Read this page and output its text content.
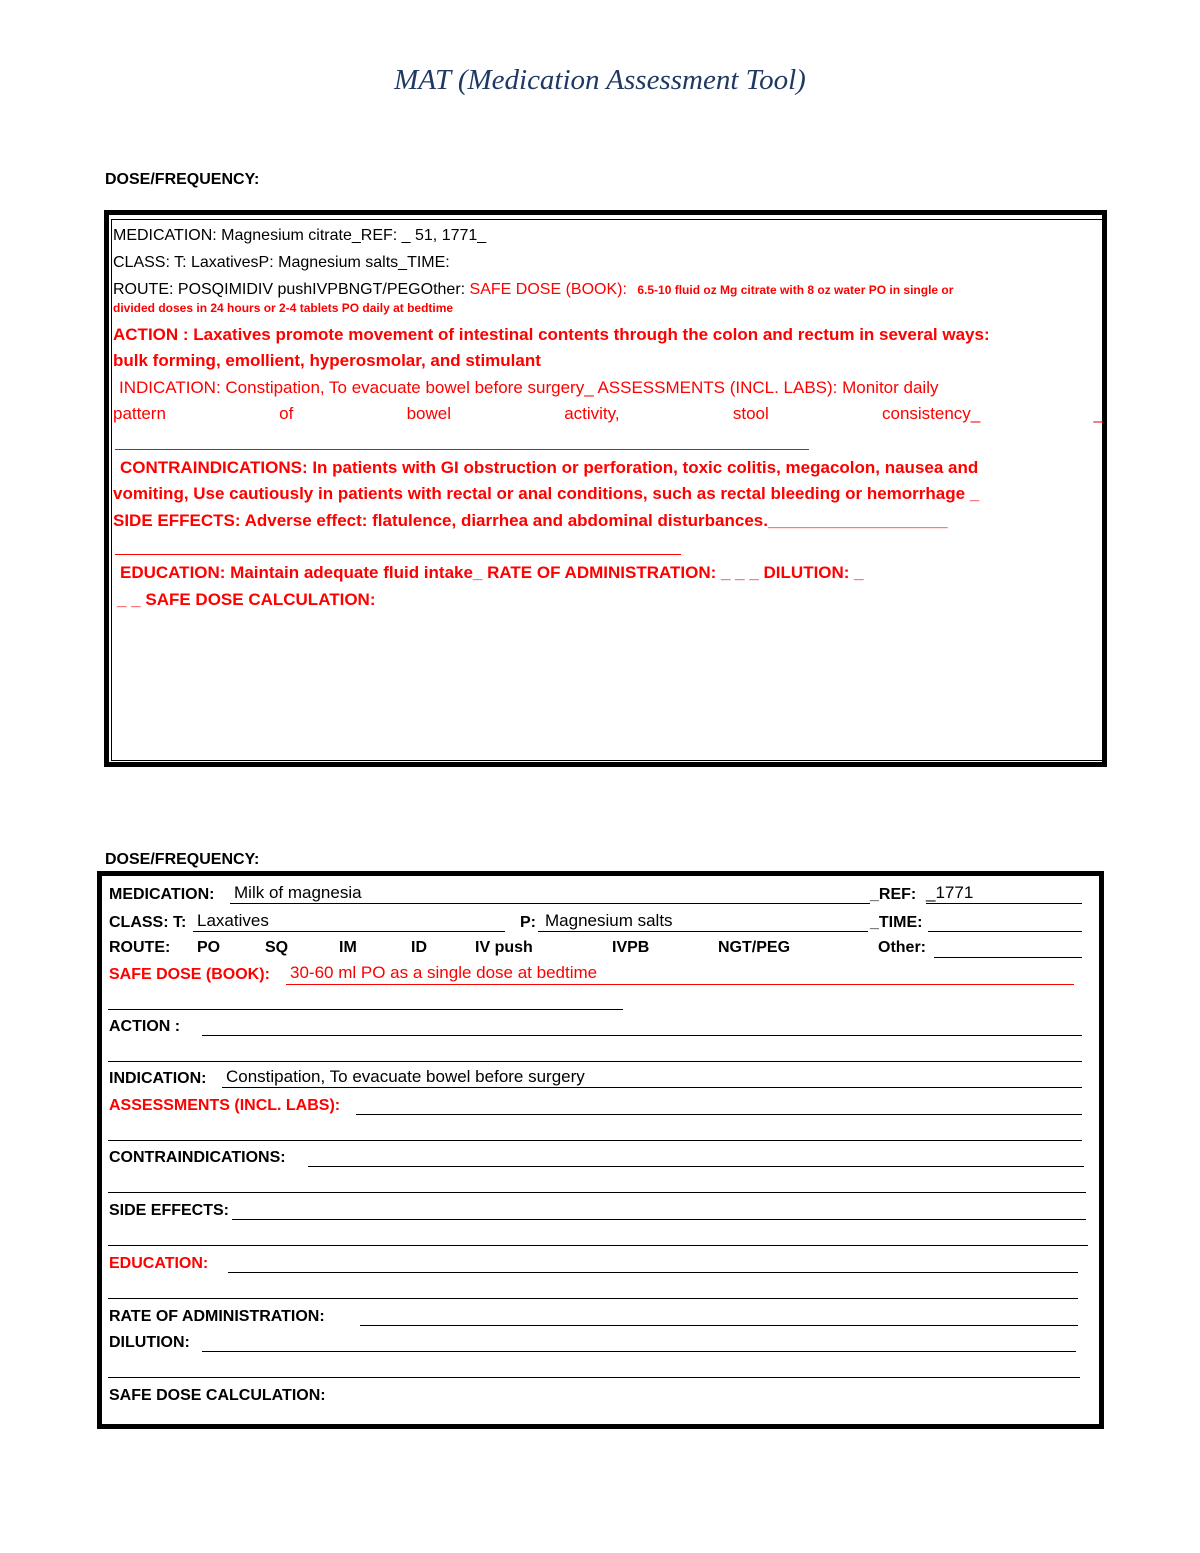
MAT (Medication Assessment Tool)
DOSE/FREQUENCY:
MEDICATION: Magnesium citrate_REF: _ 51, 1771_
CLASS: T: LaxativesP: Magnesium salts_TIME:
ROUTE: POSQIMIDIV pushIVPBNGT/PEGOther: SAFE DOSE (BOOK): 6.5-10 fluid oz Mg citrate with 8 oz water PO in single or
divided doses in 24 hours or 2-4 tablets PO daily at bedtime
ACTION : Laxatives promote movement of intestinal contents through the colon and rectum in several ways:
bulk forming, emollient, hyperosmolar, and stimulant
INDICATION: Constipation, To evacuate bowel before surgery_ ASSESSMENTS (INCL. LABS): Monitor daily
pattern	of	bowel	activity,	stool	consistency_	_
CONTRAINDICATIONS: In patients with GI obstruction or perforation, toxic colitis, megacolon, nausea and
vomiting, Use cautiously in patients with rectal or anal conditions, such as rectal bleeding or hemorrhage _
SIDE EFFECTS: Adverse effect: flatulence, diarrhea and abdominal disturbances.___________________
EDUCATION: Maintain adequate fluid intake_ RATE OF ADMINISTRATION: _ _ _ DILUTION: _
_ _ SAFE DOSE CALCULATION:
DOSE/FREQUENCY:
MEDICATION: Milk of magnesia	_REF: _1771
CLASS: T: Laxatives	P: Magnesium salts	_TIME:
ROUTE: PO	SQ	IM	ID	IV push	IVPB	NGT/PEG	Other:
SAFE DOSE (BOOK): 30-60 ml PO as a single dose at bedtime
ACTION :
INDICATION: Constipation, To evacuate bowel before surgery
ASSESSMENTS (INCL. LABS):
CONTRAINDICATIONS:
SIDE EFFECTS:
EDUCATION:
RATE OF ADMINISTRATION:
DILUTION:
SAFE DOSE CALCULATION:
